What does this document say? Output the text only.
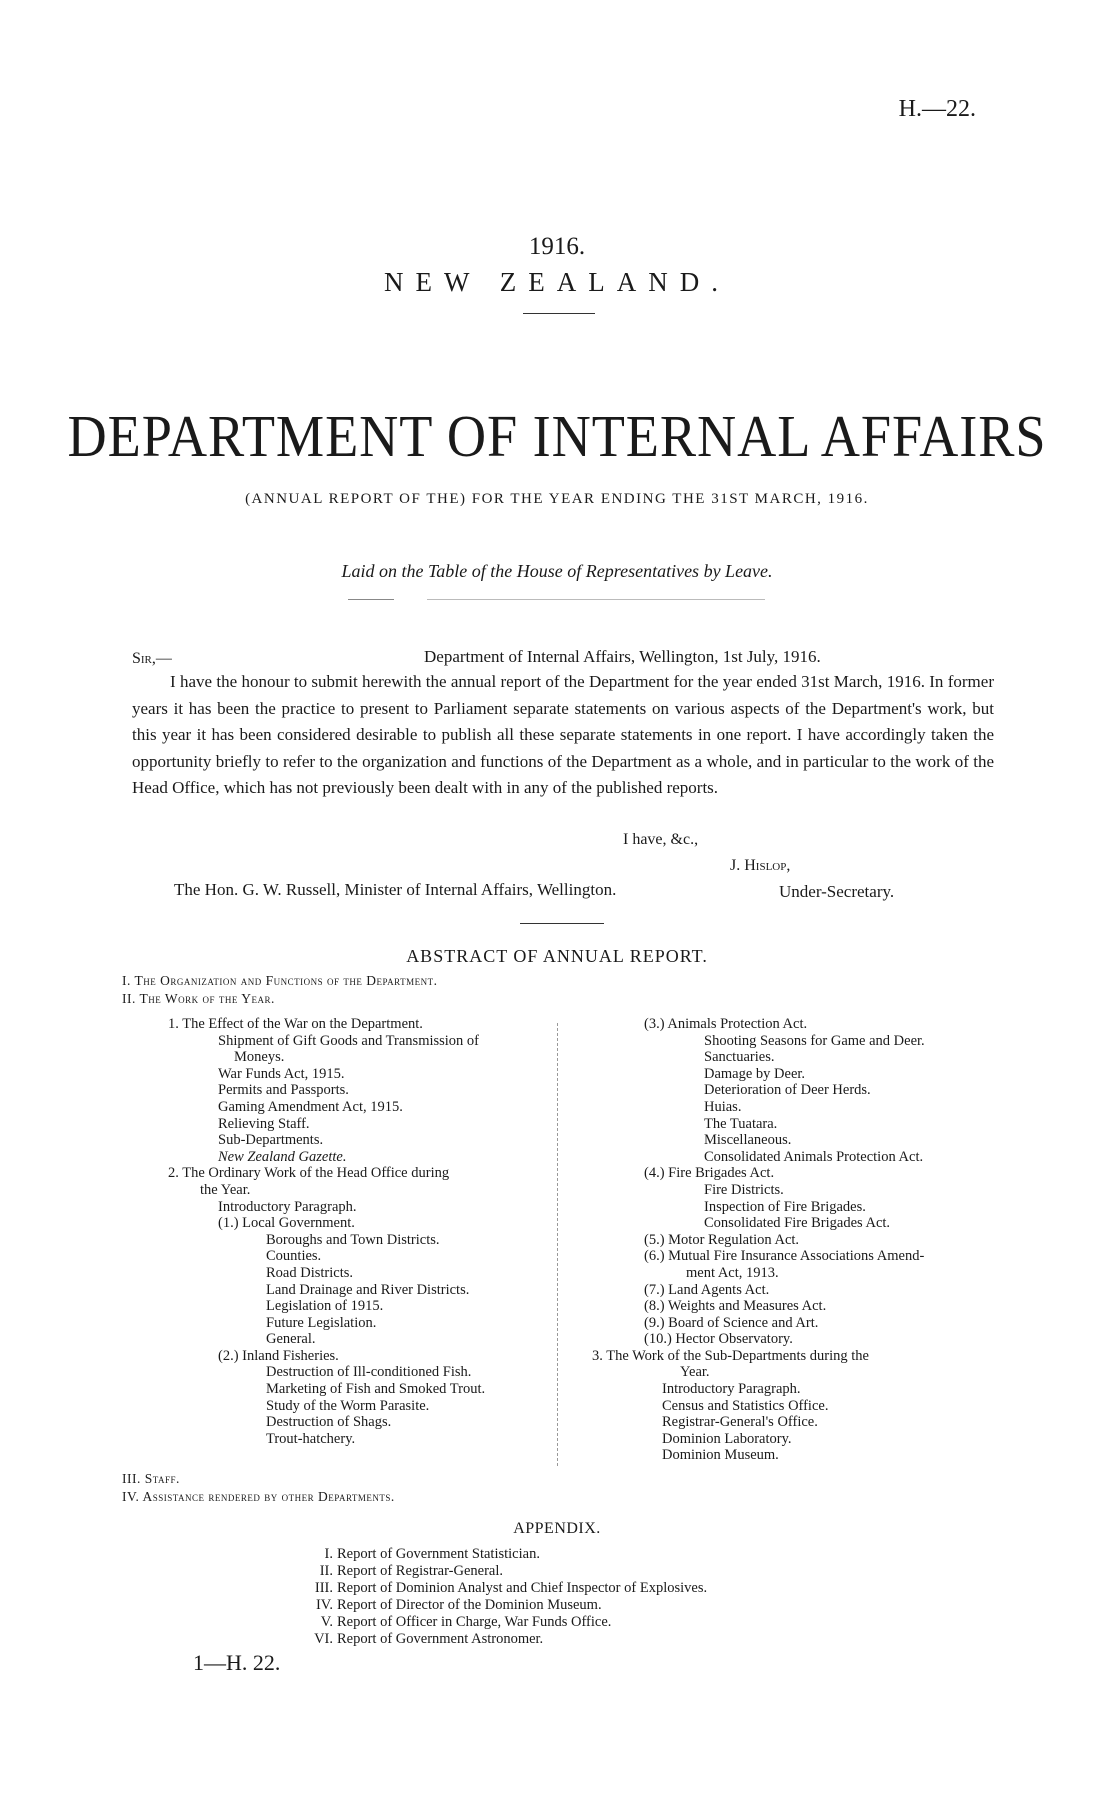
H.—22.
1916.
NEW ZEALAND.
DEPARTMENT OF INTERNAL AFFAIRS
(ANNUAL REPORT OF THE) FOR THE YEAR ENDING THE 31ST MARCH, 1916.
Laid on the Table of the House of Representatives by Leave.
Sir,—	Department of Internal Affairs, Wellington, 1st July, 1916.
I have the honour to submit herewith the annual report of the Department for the year ended 31st March, 1916. In former years it has been the practice to present to Parliament separate statements on various aspects of the Department's work, but this year it has been considered desirable to publish all these separate statements in one report. I have accordingly taken the opportunity briefly to refer to the organization and functions of the Department as a whole, and in particular to the work of the Head Office, which has not previously been dealt with in any of the published reports.
I have, &c.,
J. Hislop,
The Hon. G. W. Russell, Minister of Internal Affairs, Wellington.	Under-Secretary.
ABSTRACT OF ANNUAL REPORT.
I. The Organization and Functions of the Department.
II. The Work of the Year.
1. The Effect of the War on the Department.
Shipment of Gift Goods and Transmission of
Moneys.
War Funds Act, 1915.
Permits and Passports.
Gaming Amendment Act, 1915.
Relieving Staff.
Sub-Departments.
New Zealand Gazette.
2. The Ordinary Work of the Head Office during
the Year.
Introductory Paragraph.
(1.) Local Government.
Boroughs and Town Districts.
Counties.
Road Districts.
Land Drainage and River Districts.
Legislation of 1915.
Future Legislation.
General.
(2.) Inland Fisheries.
Destruction of Ill-conditioned Fish.
Marketing of Fish and Smoked Trout.
Study of the Worm Parasite.
Destruction of Shags.
Trout-hatchery.
(3.) Animals Protection Act.
Shooting Seasons for Game and Deer.
Sanctuaries.
Damage by Deer.
Deterioration of Deer Herds.
Huias.
The Tuatara.
Miscellaneous.
Consolidated Animals Protection Act.
(4.) Fire Brigades Act.
Fire Districts.
Inspection of Fire Brigades.
Consolidated Fire Brigades Act.
(5.) Motor Regulation Act.
(6.) Mutual Fire Insurance Associations Amend-
ment Act, 1913.
(7.) Land Agents Act.
(8.) Weights and Measures Act.
(9.) Board of Science and Art.
(10.) Hector Observatory.
3. The Work of the Sub-Departments during the
Year.
Introductory Paragraph.
Census and Statistics Office.
Registrar-General's Office.
Dominion Laboratory.
Dominion Museum.
III. Staff.
IV. Assistance rendered by other Departments.
APPENDIX.
I. Report of Government Statistician.
II. Report of Registrar-General.
III. Report of Dominion Analyst and Chief Inspector of Explosives.
IV. Report of Director of the Dominion Museum.
V. Report of Officer in Charge, War Funds Office.
VI. Report of Government Astronomer.
1—H. 22.
